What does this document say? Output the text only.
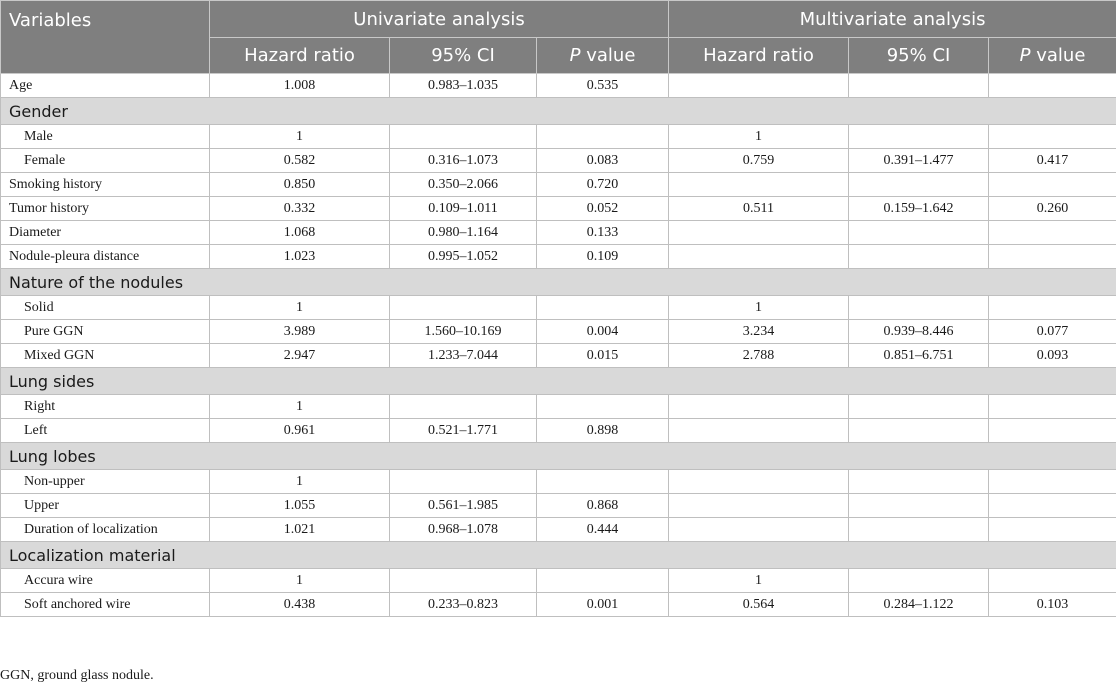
Variables	Univariate analysis			Multivariate analysis		
	Hazard ratio	95% CI	P value	Hazard ratio	95% CI	P value
Age	1.008	0.983–1.035	0.535			
Gender						
Male	1			1		
Female	0.582	0.316–1.073	0.083	0.759	0.391–1.477	0.417
Smoking history	0.850	0.350–2.066	0.720			
Tumor history	0.332	0.109–1.011	0.052	0.511	0.159–1.642	0.260
Diameter	1.068	0.980–1.164	0.133			
Nodule-pleura distance	1.023	0.995–1.052	0.109			
Nature of the nodules						
Solid	1			1		
Pure GGN	3.989	1.560–10.169	0.004	3.234	0.939–8.446	0.077
Mixed GGN	2.947	1.233–7.044	0.015	2.788	0.851–6.751	0.093
Lung sides						
Right	1					
Left	0.961	0.521–1.771	0.898			
Lung lobes						
Non-upper	1					
Upper	1.055	0.561–1.985	0.868			
Duration of localization	1.021	0.968–1.078	0.444			
Localization material						
Accura wire	1			1		
Soft anchored wire	0.438	0.233–0.823	0.001	0.564	0.284–1.122	0.103
GGN, ground glass nodule.
